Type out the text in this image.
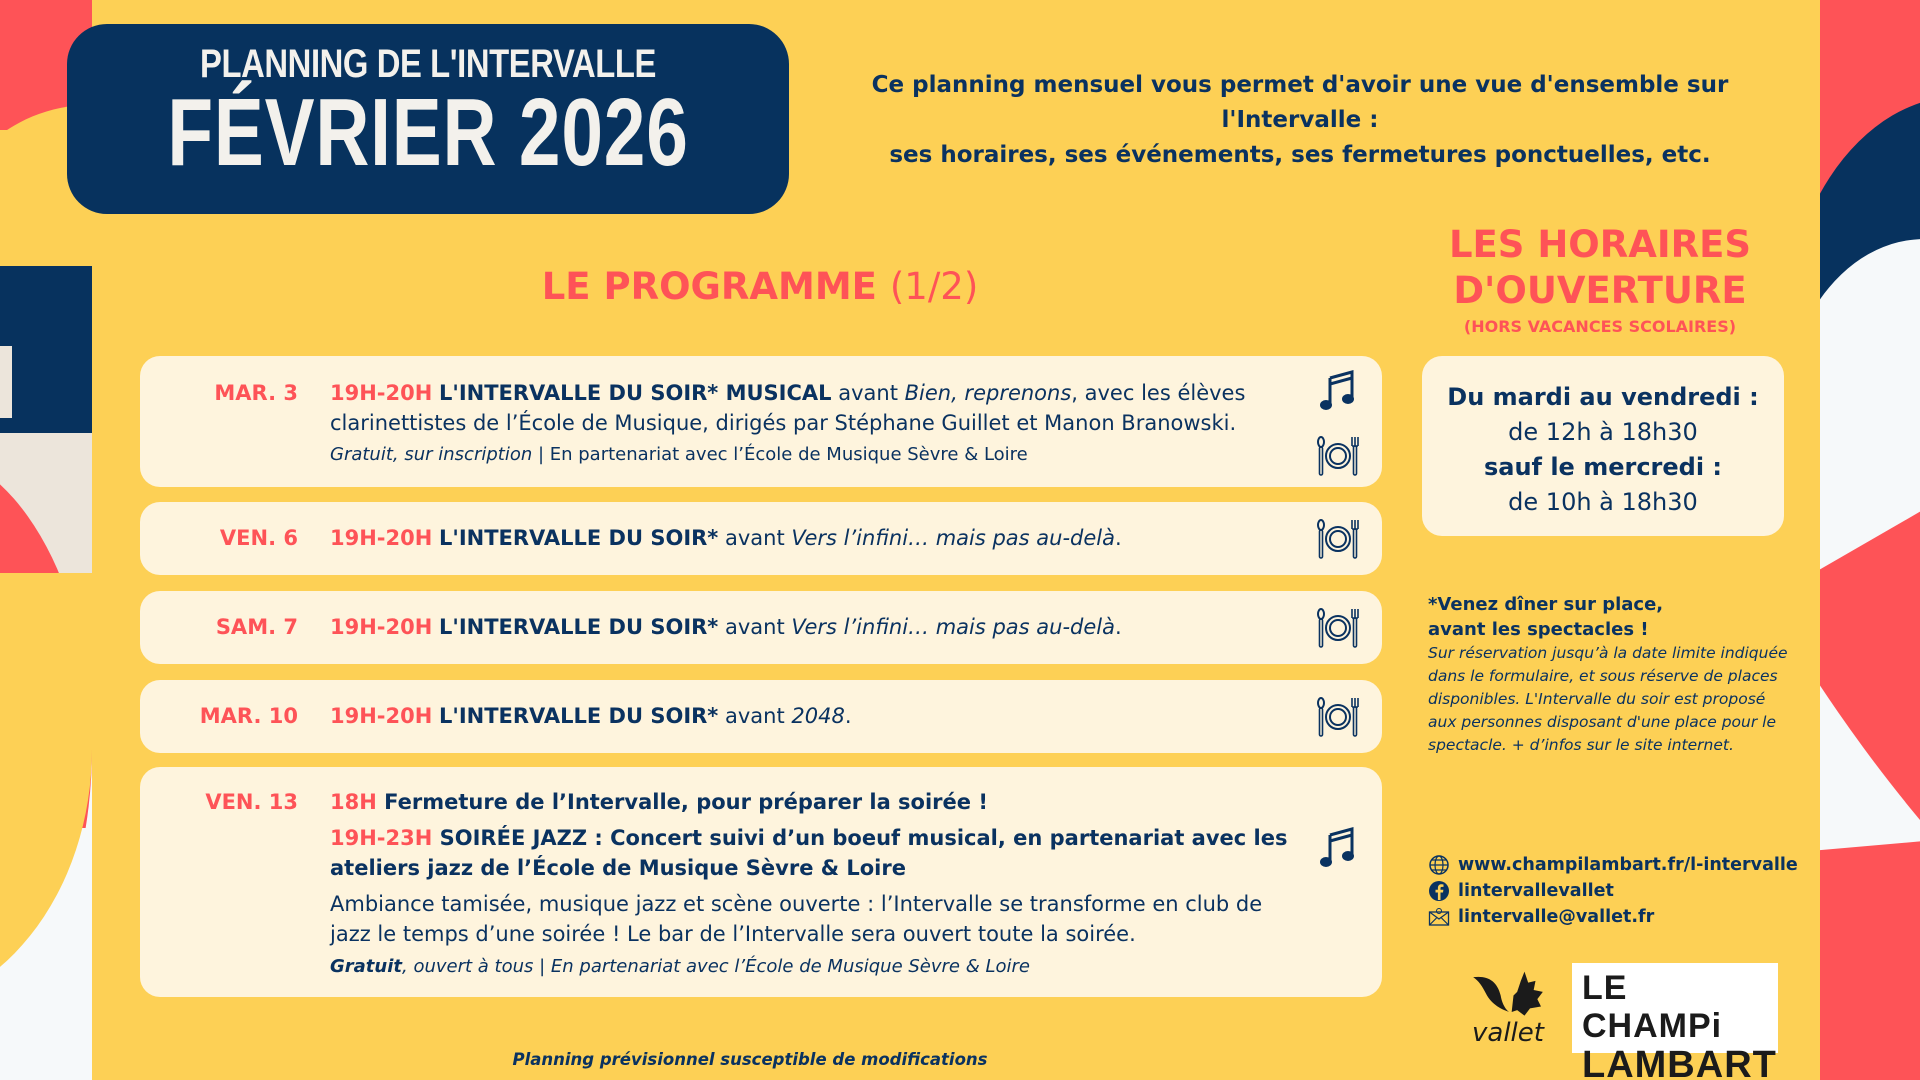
PLANNING DE L'INTERVALLE
FÉVRIER 2026	Ce planning mensuel vous permet d'avoir une vue d'ensemble sur l'Intervalle :
ses horaires, ses événements, ses fermetures ponctuelles, etc.
LE PROGRAMME (1/2)
MAR. 3 19H-20H L'INTERVALLE DU SOIR* MUSICAL avant Bien, reprenons, avec les élèves clarinettistes de l’École de Musique, dirigés par Stéphane Guillet et Manon Branowski.
Gratuit, sur inscription | En partenariat avec l’École de Musique Sèvre & Loire
VEN. 6 19H-20H L'INTERVALLE DU SOIR* avant Vers l’infini… mais pas au-delà.
SAM. 7 19H-20H L'INTERVALLE DU SOIR* avant Vers l’infini… mais pas au-delà.
MAR. 10 19H-20H L'INTERVALLE DU SOIR* avant 2048.
VEN. 13 18H Fermeture de l’Intervalle, pour préparer la soirée !
19H-23H SOIRÉE JAZZ : Concert suivi d’un boeuf musical, en partenariat avec les ateliers jazz de l’École de Musique Sèvre & Loire
Ambiance tamisée, musique jazz et scène ouverte : l’Intervalle se transforme en club de jazz le temps d’une soirée ! Le bar de l’Intervalle sera ouvert toute la soirée.
Gratuit, ouvert à tous | En partenariat avec l’École de Musique Sèvre & Loire
LES HORAIRES
D'OUVERTURE
(HORS VACANCES SCOLAIRES)
Du mardi au vendredi :
de 12h à 18h30
sauf le mercredi :
de 10h à 18h30
*Venez dîner sur place,
avant les spectacles !
Sur réservation jusqu’à la date limite indiquée dans le formulaire, et sous réserve de places disponibles. L'Intervalle du soir est proposé aux personnes disposant d'une place pour le spectacle. + d’infos sur le site internet.
www.champilambart.fr/l-intervalle
lintervallevallet
lintervalle@vallet.fr
vallet
LE CHAMPi
LAMBART
Planning prévisionnel susceptible de modifications
